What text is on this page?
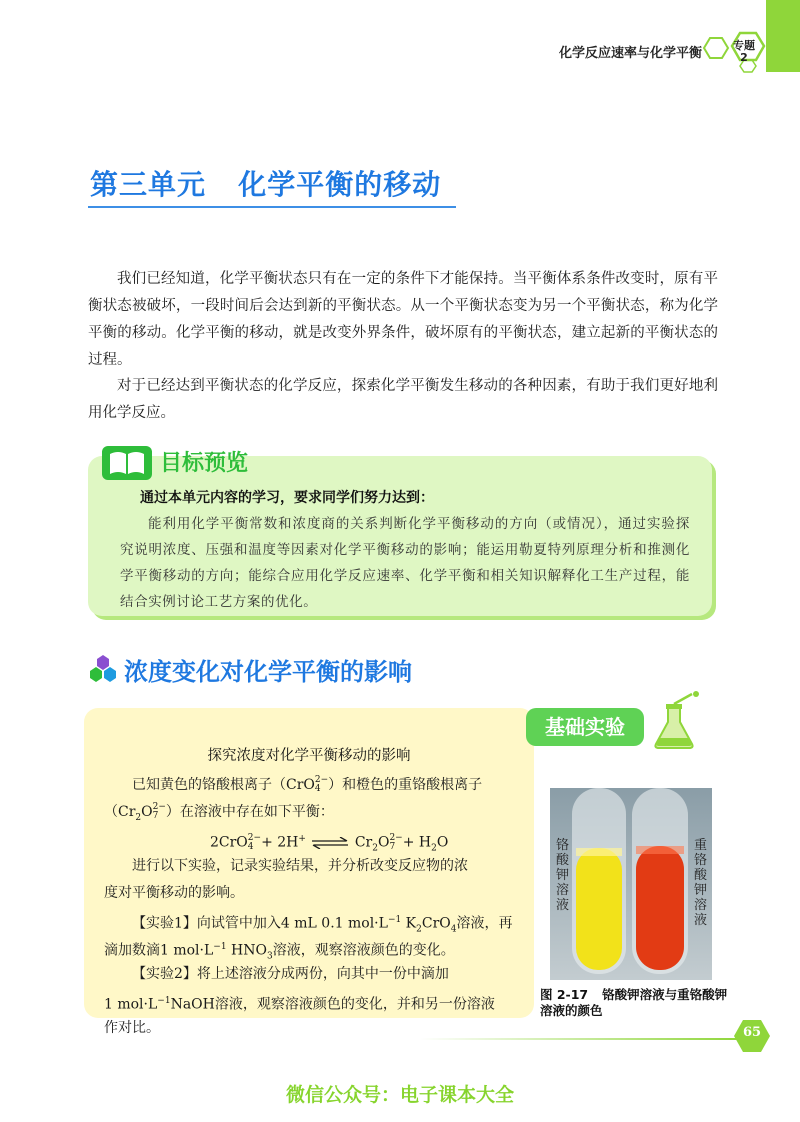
化学反应速率与化学平衡
专题
2
第三单元   化学平衡的移动
我们已经知道，化学平衡状态只有在一定的条件下才能保持。当平衡体系条件改变时，原有平衡状态被破坏，一段时间后会达到新的平衡状态。从一个平衡状态变为另一个平衡状态，称为化学平衡的移动。化学平衡的移动，就是改变外界条件，破坏原有的平衡状态，建立起新的平衡状态的过程。
对于已经达到平衡状态的化学反应，探索化学平衡发生移动的各种因素，有助于我们更好地利用化学反应。
目标预览
通过本单元内容的学习，要求同学们努力达到：
能利用化学平衡常数和浓度商的关系判断化学平衡移动的方向（或情况），通过实验探究说明浓度、压强和温度等因素对化学平衡移动的影响；能运用勒夏特列原理分析和推测化学平衡移动的方向；能综合应用化学反应速率、化学平衡和相关知识解释化工生产过程，能结合实例讨论工艺方案的优化。
浓度变化对化学平衡的影响
基础实验
探究浓度对化学平衡移动的影响
  已知黄色的铬酸根离子（CrO 2−
4 ）和橙色的重铬酸根离子
（$Cr_2O$ 2−
7 ）在溶液中存在如下平衡：
2CrO 2−
4 + 2H+ ⇌ $Cr_2O$ 2−
$7 + H_2O$
  进行以下实验，记录实验结果，并分析改变反应物的浓
度对平衡移动的影响。
  【实验1】向试管中加入4 mL 0.1 $mol\cdot L^{-1}$ $K_2CrO_4$溶液，再
滴加数滴1 $mol\cdot L^{-1}$ $HNO_3$溶液，观察溶液颜色的变化。
  【实验2】将上述溶液分成两份，向其中一份中滴加
1 $mol\cdot L^{-1}NaOH$溶液，观察溶液颜色的变化，并和另一份溶液
作对比。
铬酸钾溶液
重铬酸钾溶液
图 2-17 铬酸钾溶液与重铬酸钾溶液的颜色
65
微信公众号：电子课本大全
